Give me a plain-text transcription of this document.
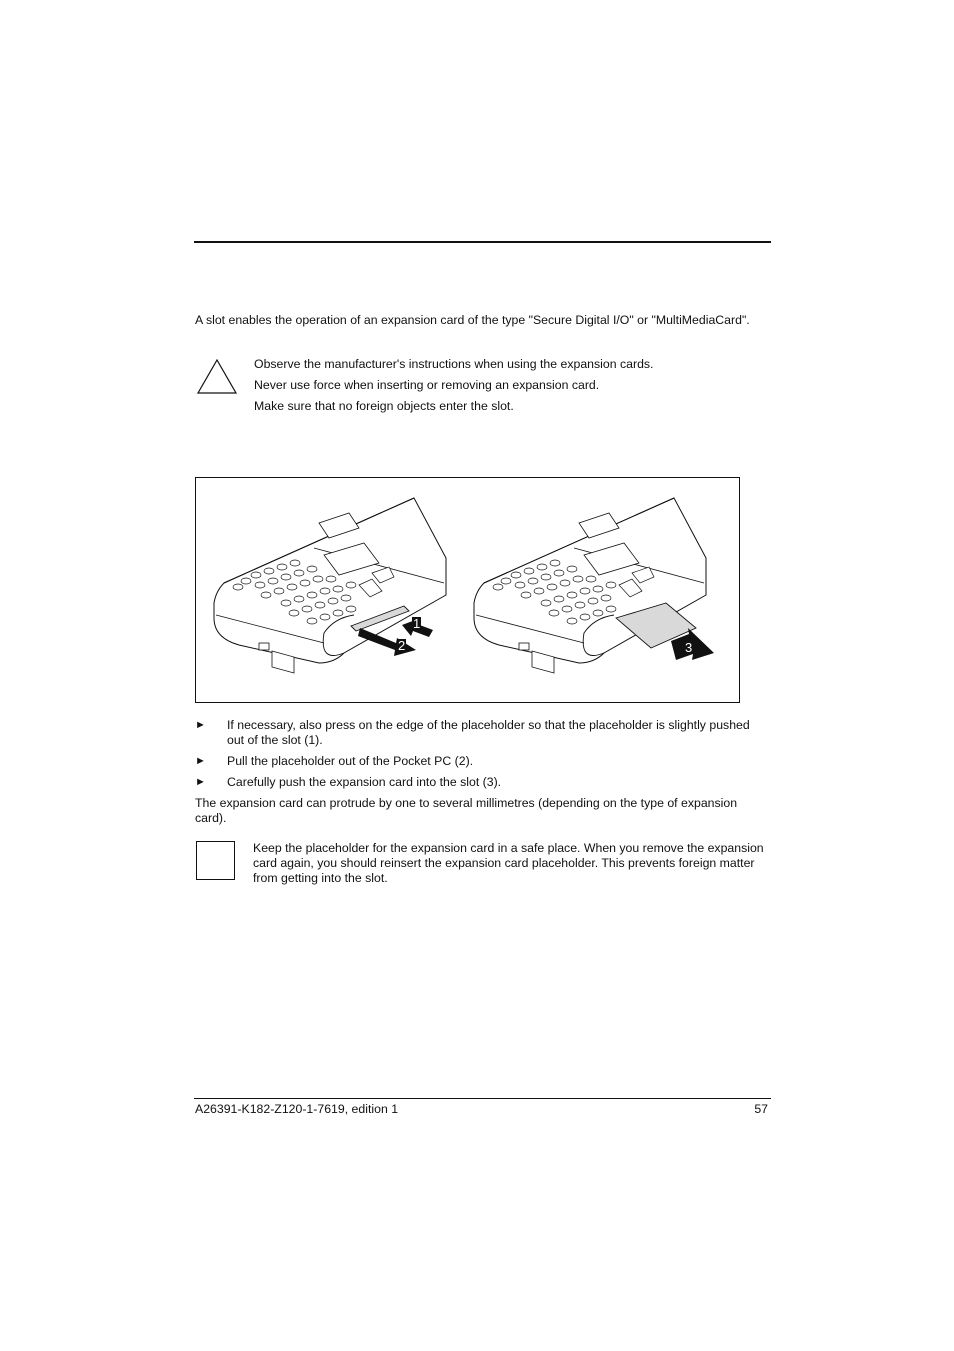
A slot enables the operation of an expansion card of the type "Secure Digital I/O" or "MultiMediaCard".
Observe the manufacturer's instructions when using the expansion cards.
Never use force when inserting or removing an expansion card.
Make sure that no foreign objects enter the slot.
1
2	3
► If necessary, also press on the edge of the placeholder so that the placeholder is slightly pushed out of the slot (1).
► Pull the placeholder out of the Pocket PC (2).
► Carefully push the expansion card into the slot (3).
The expansion card can protrude by one to several millimetres (depending on the type of expansion card).
Keep the placeholder for the expansion card in a safe place. When you remove the expansion card again, you should reinsert the expansion card placeholder. This prevents foreign matter from getting into the slot.
A26391-K182-Z120-1-7619, edition 1	57
